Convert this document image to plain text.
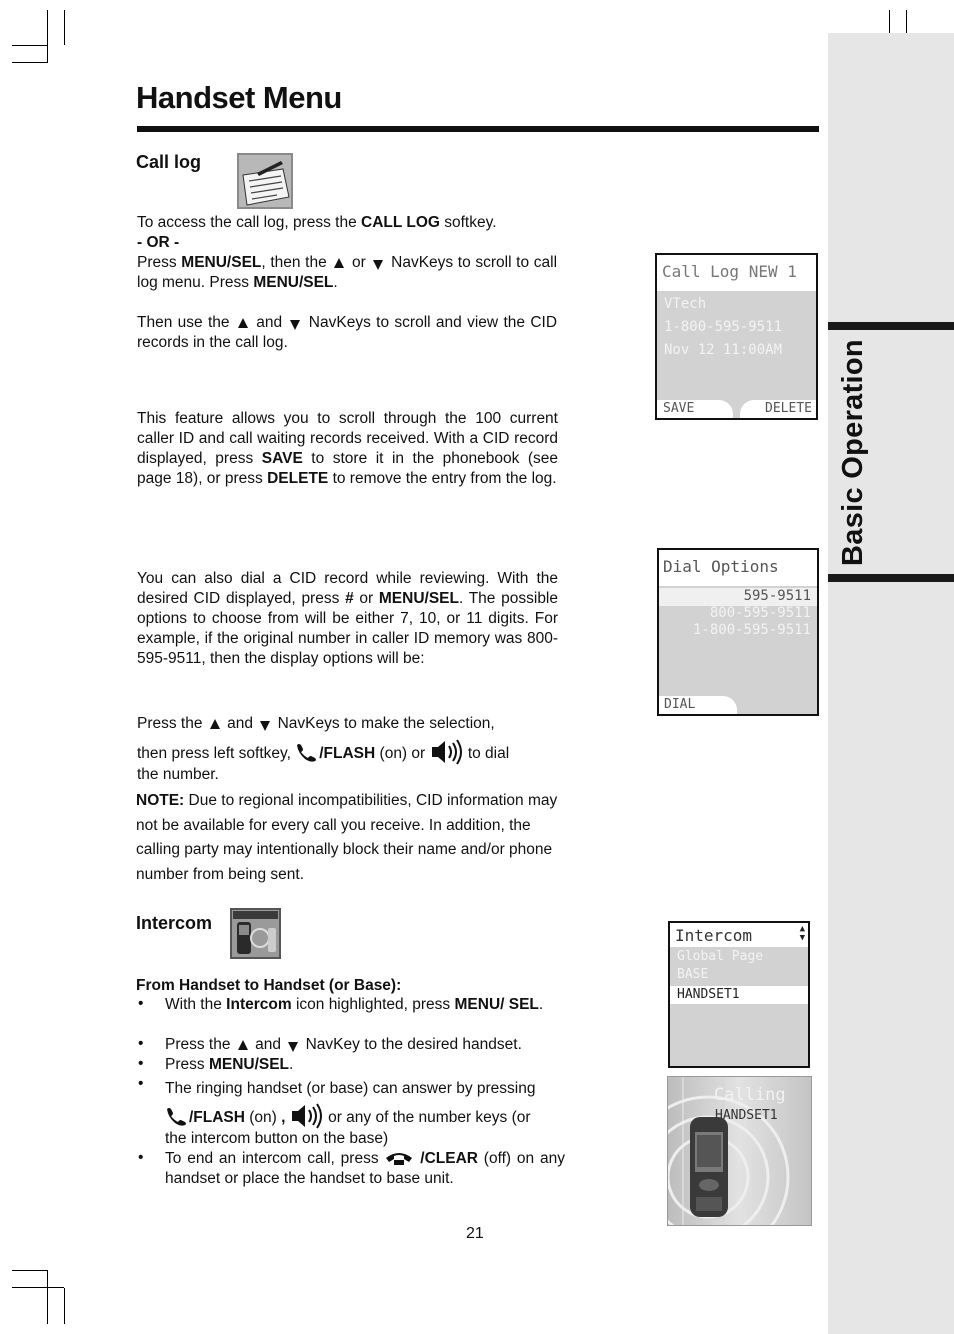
Basic Operation
Handset Menu
Call log
To access the call log, press the CALL LOG softkey.
- OR -
Press MENU/SEL, then the or NavKeys to scroll to call log menu. Press MENU/SEL.
Then use the and NavKeys to scroll and view the CID records in the call log.
This feature allows you to scroll through the 100 current caller ID and call waiting records received. With a CID record displayed, press SAVE to store it in the phonebook (see page 18), or press DELETE to remove the entry from the log.
You can also dial a CID record while reviewing. With the desired CID displayed, press # or MENU/SEL. The possible options to choose from will be either 7, 10, or 11 digits. For example, if the original number in caller ID memory was 800-595-9511, then the display options will be:
Press the and NavKeys to make the selection,
then press left softkey, /FLASH (on) or	to dial
the number.
NOTE: Due to regional incompatibilities, CID information may not be available for every call you receive. In addition, the calling party may intentionally block their name and/or phone number from being sent.
Call Log NEW 1
VTech
1-800-595-9511
Nov 12 11:00AM
SAVE	DELETE
Dial Options
595-9511
800-595-9511
1-800-595-9511
DIAL
Intercom
From Handset to Handset (or Base):
• With the Intercom icon highlighted, press MENU/ SEL.
• Press the and NavKey to the desired handset.
• Press MENU/SEL.
• The ringing handset (or base) can answer by pressing
/FLASH (on) ,  or any of the number keys (or
the intercom button on the base)
• To end an intercom call, press	/CLEAR (off) on any handset or place the handset to base unit.
Intercom	▲
▼
Global Page
BASE
HANDSET1
Calling
HANDSET1
21
